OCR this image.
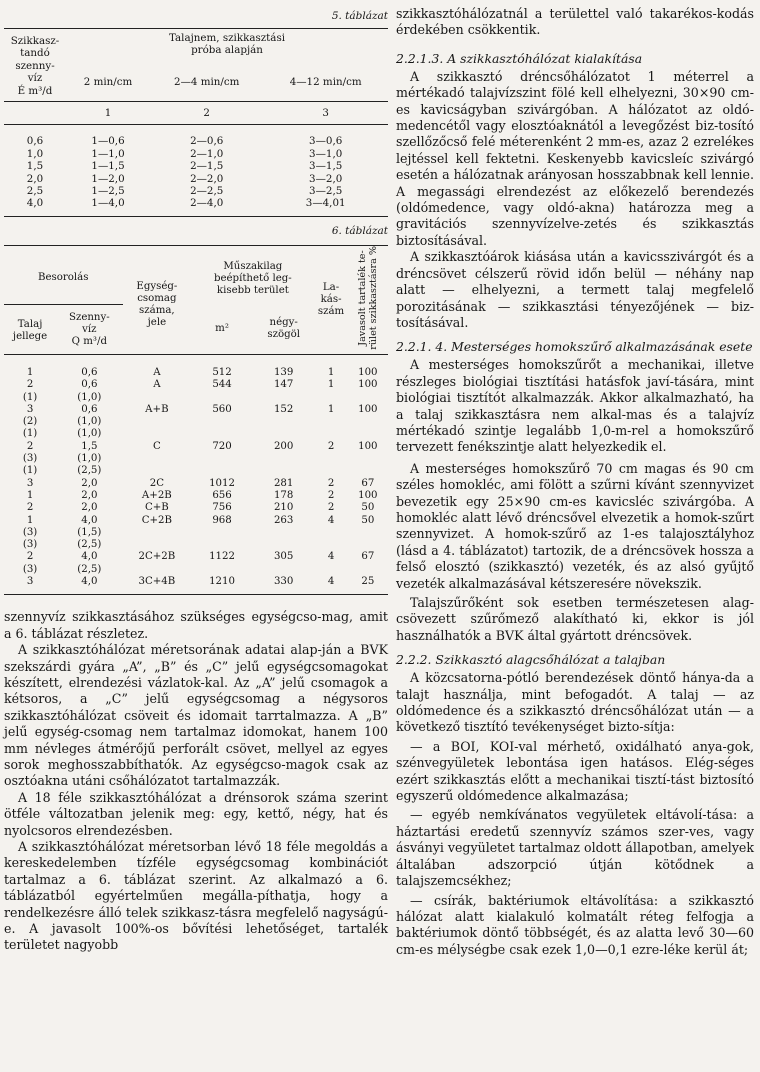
5. táblázat
Szikkasz-
tandó
szenny-
víz
É m³/d	Talajnem, szikkasztási
próba alapján		
	2 min/cm	2—4 min/cm	4—12 min/cm
	1	2	3

0,6	1—0,6	2—0,6	3—0,6
1,0	1—1,0	2—1,0	3—1,0
1,5	1—1,5	2—1,5	3—1,5
2,0	1—2,0	2—2,0	3—2,0
2,5	1—2,5	2—2,5	3—2,5
4,0	1—4,0	2—4,0	3—4,01

6. táblázat
Besorolás		Egység-
csomag
száma,
jele	Műszakilag
beépíthető leg-
kisebb terület		La-
kás-
szám	Javasolt tartalék te-
rület szikkasztásra %
Talaj
jellege	Szenny-
víz
Q m³/d		m²	négy-
szögöl		

1	0,6	A	512	139	1	100
2	0,6	A	544	147	1	100
(1)	(1,0)					
3	0,6	A+B	560	152	1	100
(2)	(1,0)					
(1)	(1,0)					
2	1,5	C	720	200	2	100
(3)	(1,0)					
(1)	(2,5)					
3	2,0	2C	1012	281	2	67
1	2,0	A+2B	656	178	2	100
2	2,0	C+B	756	210	2	50
1	4,0	C+2B	968	263	4	50
(3)	(1,5)					
(3)	(2,5)					
2	4,0	2C+2B	1122	305	4	67
(3)	(2,5)					
3	4,0	3C+4B	1210	330	4	25

szennyvíz szikkasztásához szükséges egységcso-mag, amit a 6. táblázat részletez.

A szikkasztóhálózat méretsorának adatai alap-ján a BVK szekszárdi gyára „A”, „B” és „C” jelű egységcsomagokat készített, elrendezési vázlatok-kal. Az „A” jelű csomagok a kétsoros, a „C” jelű egységcsomag a négysoros szikkasztóhálózat csöveit és idomait tarrtalmazza. A „B” jelű egység-csomag nem tartalmaz idomokat, hanem 100 mm névleges átmérőjű perforált csövet, mellyel az egyes sorok meghosszabbíthatók. Az egységcso-magok csak az osztóakna utáni csőhálózatot tartalmazzák.

A 18 féle szikkasztóhálózat a drénsorok száma szerint ötféle változatban jelenik meg: egy, kettő, négy, hat és nyolcsoros elrendezésben.

A szikkasztóhálózat méretsorban lévő 18 féle megoldás a kereskedelemben tízféle egységcsomag kombinációt tartalmaz a 6. táblázat szerint. Az alkalmazó a 6. táblázatból egyértelműen megálla-píthatja, hogy a rendelkezésre álló telek szikkasz-tásra megfelelő nagyságú-e. A javasolt 100%-os bővítési lehetőséget, tartalék területet nagyobb

szikkasztóhálózatnál a területtel való takarékos-kodás érdekében csökkentik.

2.2.1.3. A szikkasztóhálózat kialakítása

A szikkasztó dréncsőhálózatot 1 méterrel a mértékadó talajvízszint fölé kell elhelyezni, 30×90 cm-es kavicságyban szivárgóban. A hálózatot az oldó-medencétől vagy elosztóaknától a levegőzést biz-tosító szellőzőcső felé méterenként 2 mm-es, azaz 2 ezrelékes lejtéssel kell fektetni. Keskenyebb kavicsleíc szivárgó esetén a hálózatnak arányosan hosszabbnak kell lennie. A megassági elrendezést az előkezelő berendezés (oldómedence, vagy oldó-akna) határozza meg a gravitációs szennyvízelve-zetés és szikkasztás biztosításával.

A szikkasztóárok kiásása után a kavicsszivárgót és a dréncsövet célszerű rövid időn belül — néhány nap alatt — elhelyezni, a termett talaj megfelelő porozitásának — szikkasztási tényezőjének — biz-tosításával.

2.2.1. 4. Mesterséges homokszűrő alkalmazásának esete

A mesterséges homokszűrőt a mechanikai, illetve részleges biológiai tisztítási hatásfok javí-tására, mint biológiai tisztítót alkalmazzák. Akkor alkalmazható, ha a talaj szikkasztásra nem alkal-mas és a talajvíz mértékadó szintje legalább 1,0-m-rel a homokszűrő tervezett fenékszintje alatt helyezkedik el.

A mesterséges homokszűrő 70 cm magas és 90 cm széles homokléc, ami fölött a szűrni kívánt szennyvizet bevezetik egy 25×90 cm-es kavicsléc szivárgóba. A homokléc alatt lévő dréncsővel elvezetik a homok-szűrt szennyvizet. A homok-szűrő az 1-es talajosztályhoz (lásd a 4. táblázatot) tartozik, de a dréncsövek hossza a felső elosztó (szikkasztó) vezeték, és az alsó gyűjtő vezeték alkalmazásával kétszeresére növekszik.

Talajszűrőként sok esetben természetesen alag-csövezett szűrőmező alakítható ki, ekkor is jól használhatók a BVK által gyártott dréncsövek.

2.2.2. Szikkasztó alagcsőhálózat a talajban

A közcsatorna-pótló berendezések döntő hánya-da a talajt használja, mint befogadót. A talaj — az oldómedence és a szikkasztó dréncsőhálózat után — a következő tisztító tevékenységet bizto-sítja:

— a BOI, KOI-val mérhető, oxidálható anya-gok, szénvegyületek lebontása igen hatásos. Elég-séges ezért szikkasztás előtt a mechanikai tisztí-tást biztosító egyszerű oldómedence alkalmazása;

— egyéb nemkívánatos vegyületek eltávolí-tása: a háztartási eredetű szennyvíz számos szer-ves, vagy ásványi vegyületet tartalmaz oldott állapotban, amelyek általában adszorpció útján kötődnek a talajszemcsékhez;

— csírák, baktériumok eltávolítása: a szikkasztó hálózat alatt kialakuló kolmatált réteg felfogja a baktériumok döntő többségét, és az alatta levő 30—60 cm-es mélységbe csak ezek 1,0—0,1 ezre-léke kerül át;
